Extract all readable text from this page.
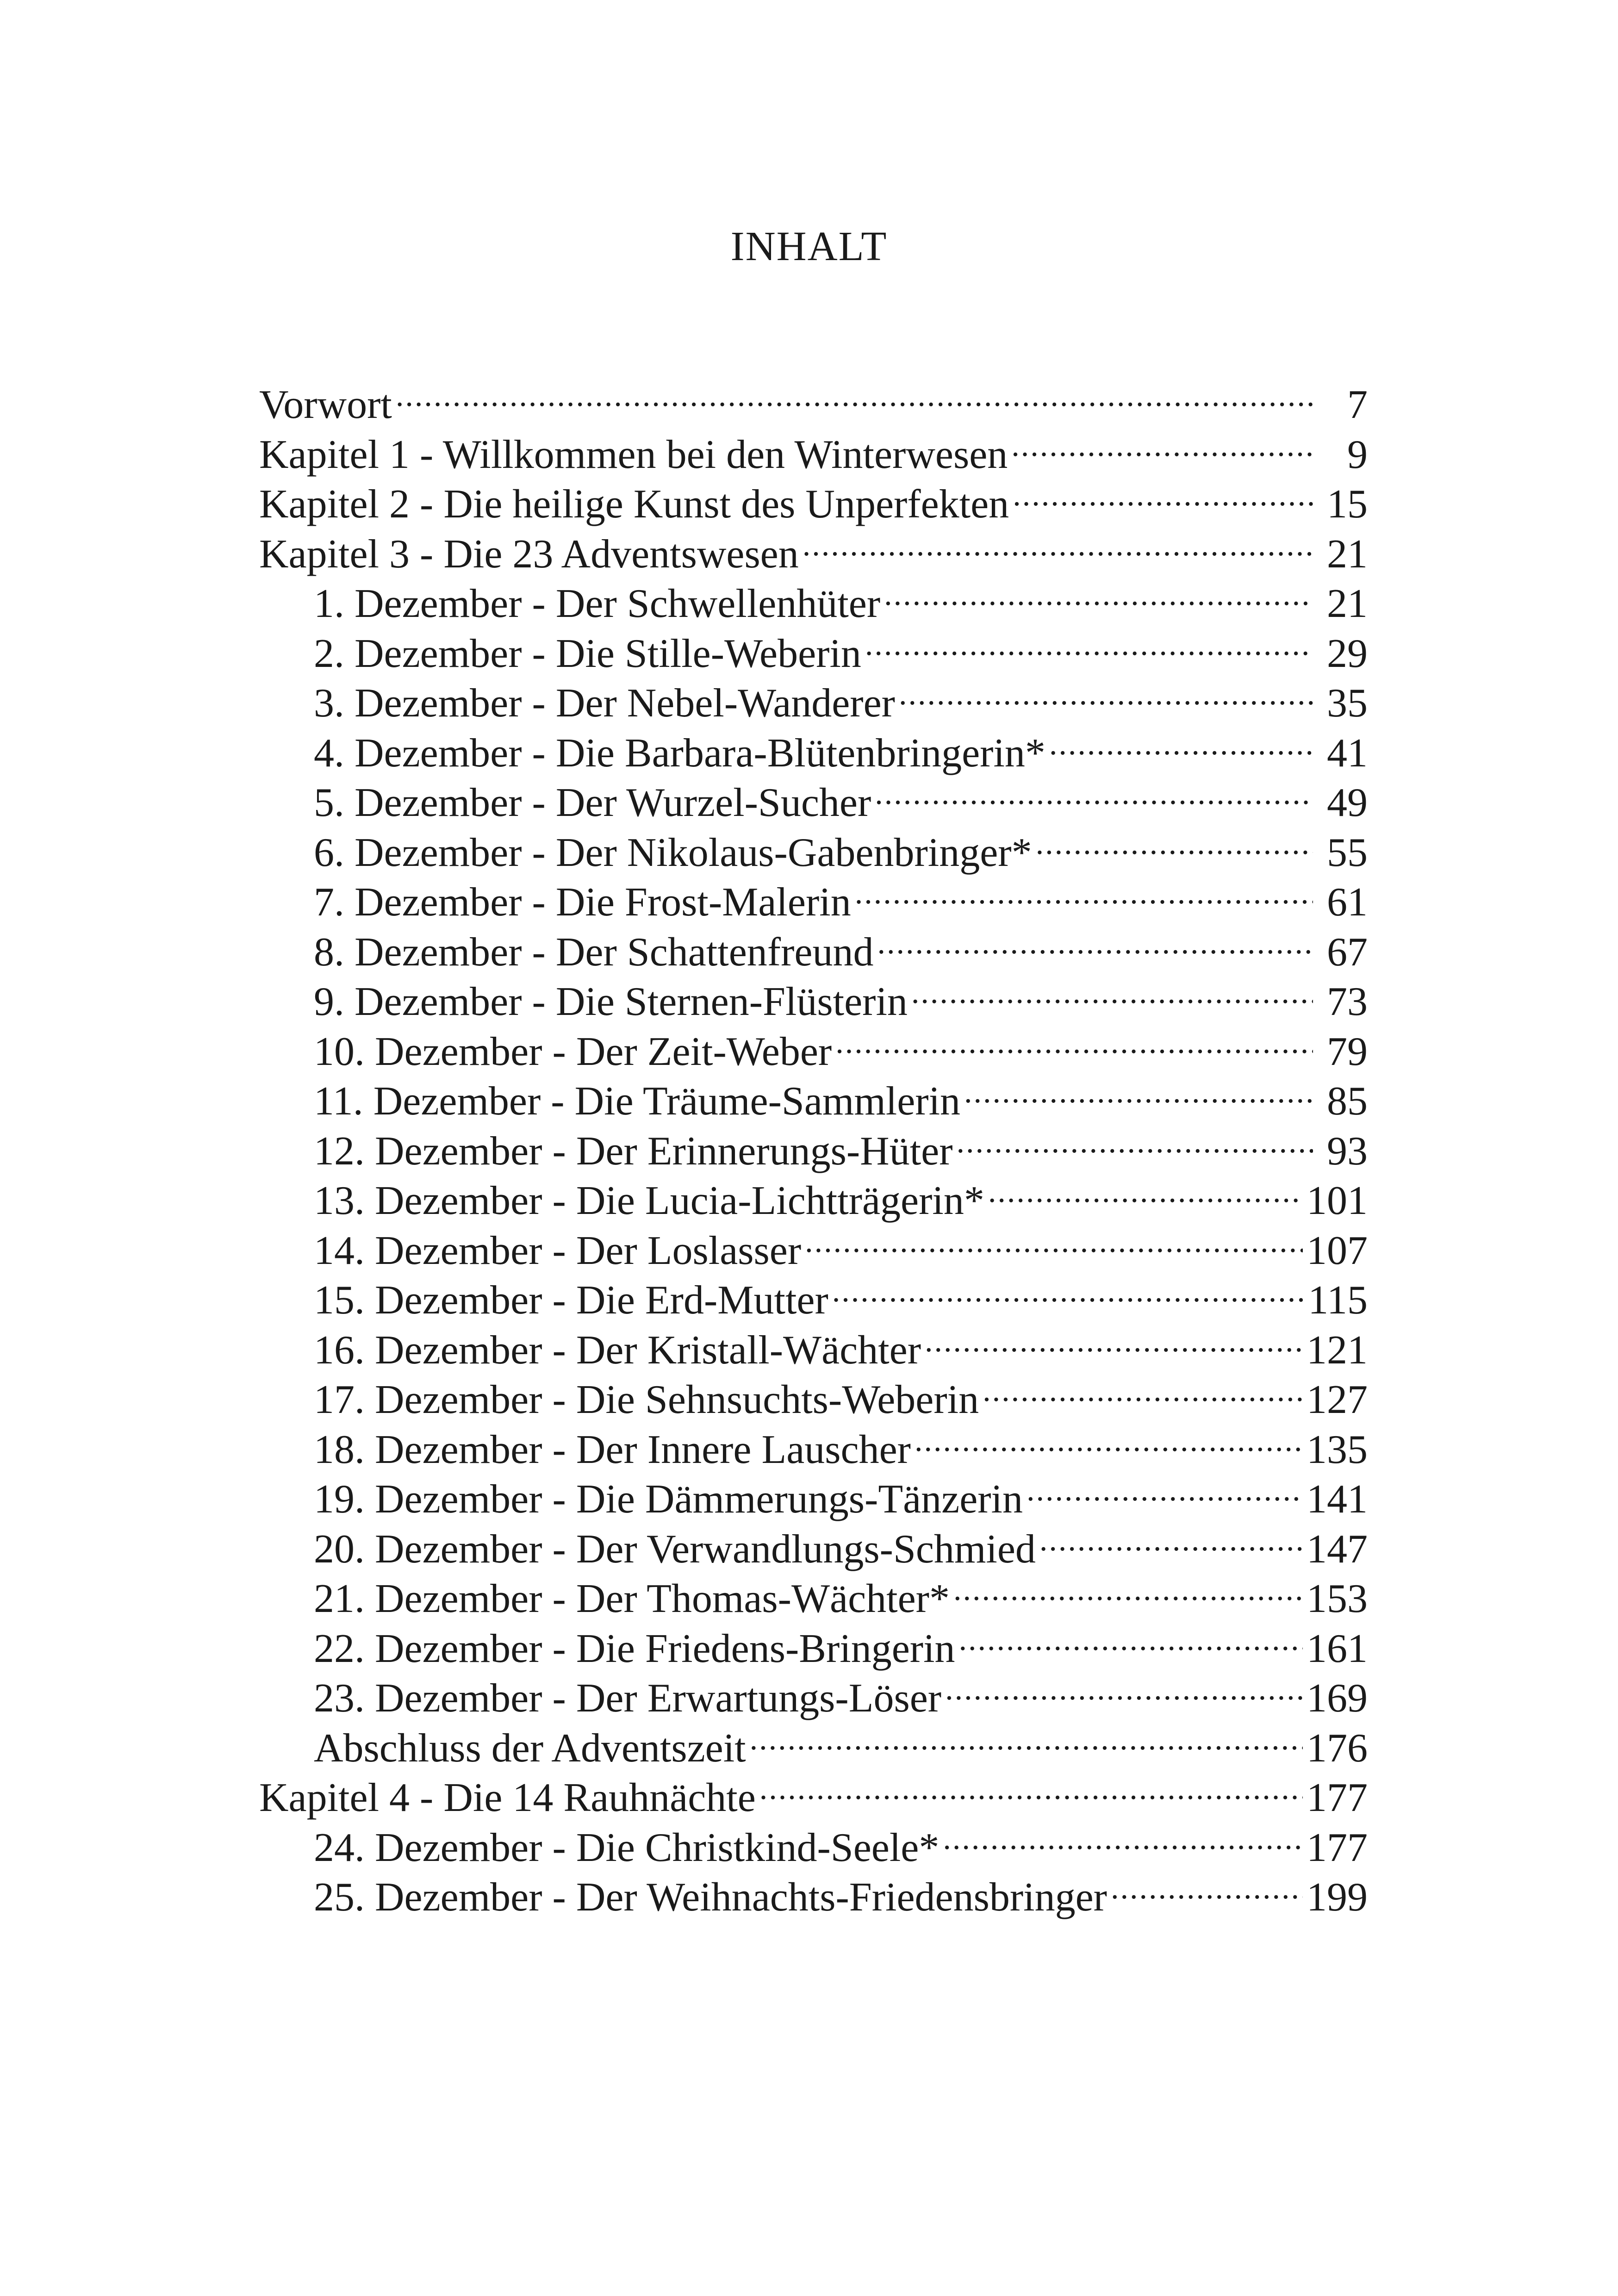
INHALT
Vorwort .....	7
Kapitel 1 - Willkommen bei den Winterwesen .....	9
Kapitel 2 - Die heilige Kunst des Unperfekten .....	15
Kapitel 3 - Die 23 Adventswesen .....	21
1. Dezember - Der Schwellenhüter .....	21
2. Dezember - Die Stille-Weberin .....	29
3. Dezember - Der Nebel-Wanderer .....	35
4. Dezember - Die Barbara-Blütenbringerin* .....	41
5. Dezember - Der Wurzel-Sucher .....	49
6. Dezember - Der Nikolaus-Gabenbringer* .....	55
7. Dezember - Die Frost-Malerin .....	61
8. Dezember - Der Schattenfreund .....	67
9. Dezember - Die Sternen-Flüsterin .....	73
10. Dezember - Der Zeit-Weber .....	79
11. Dezember - Die Träume-Sammlerin .....	85
12. Dezember - Der Erinnerungs-Hüter .....	93
13. Dezember - Die Lucia-Lichtträgerin* .....	101
14. Dezember - Der Loslasser .....	107
15. Dezember - Die Erd-Mutter .....	115
16. Dezember - Der Kristall-Wächter .....	121
17. Dezember - Die Sehnsuchts-Weberin .....	127
18. Dezember - Der Innere Lauscher .....	135
19. Dezember - Die Dämmerungs-Tänzerin .....	141
20. Dezember - Der Verwandlungs-Schmied .....	147
21. Dezember - Der Thomas-Wächter* .....	153
22. Dezember - Die Friedens-Bringerin .....	161
23. Dezember - Der Erwartungs-Löser .....	169
Abschluss der Adventszeit .....	176
Kapitel 4 - Die 14 Rauhnächte .....	177
24. Dezember - Die Christkind-Seele* .....	177
25. Dezember - Der Weihnachts-Friedensbringer .....	199
